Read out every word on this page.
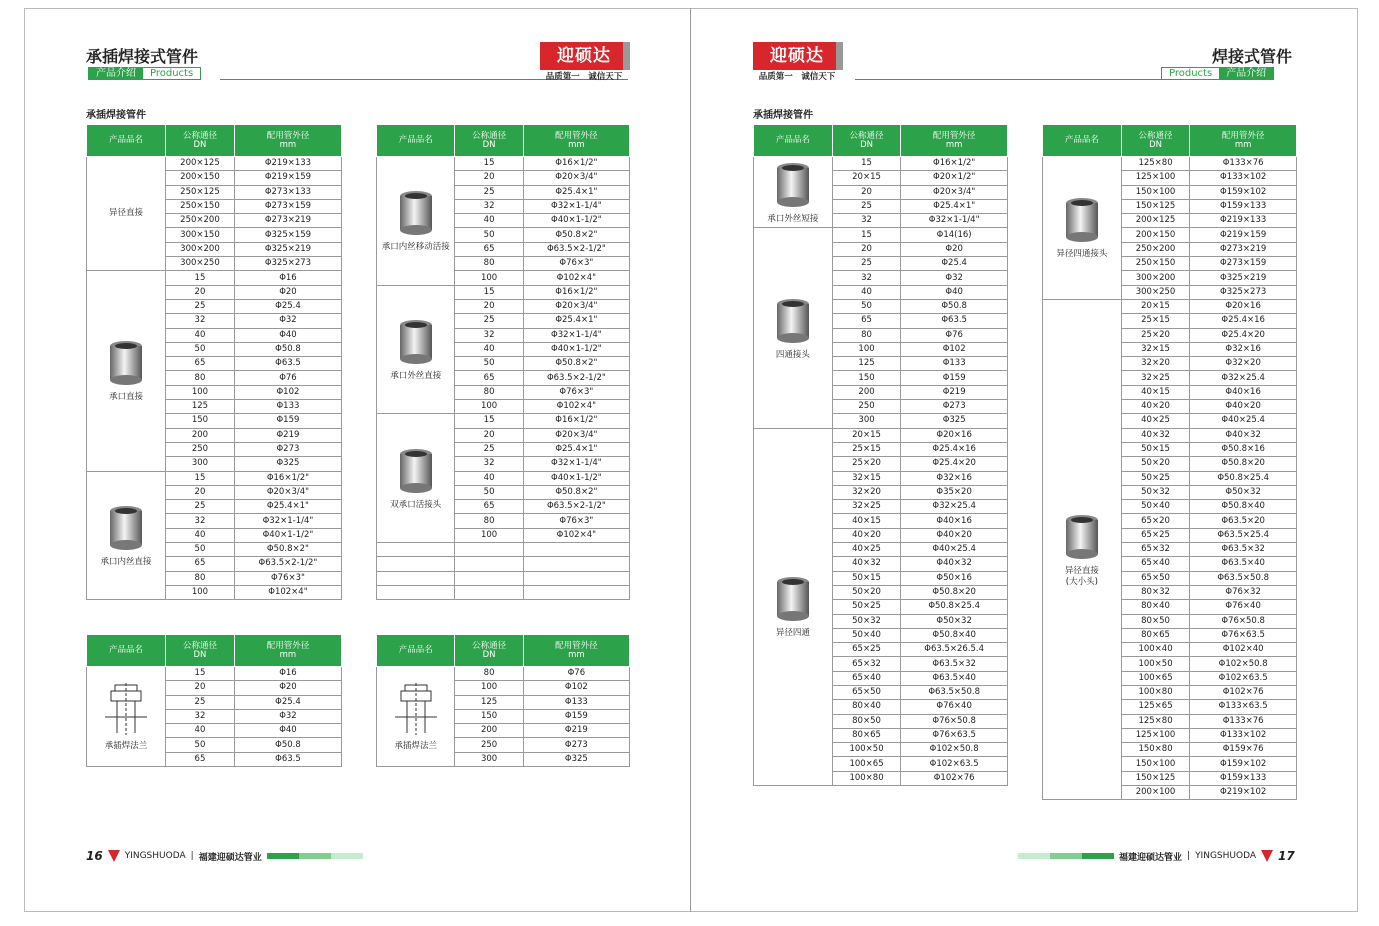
承插焊接式管件
产品介绍	Products
迎硕达
品质第一　诚信天下
承插焊接管件
产品品名	公称通径
DN	配用管外径
mm
异径直接	200×125	Φ219×133
	200×150	Φ219×159
	250×125	Φ273×133
	250×150	Φ273×159
	250×200	Φ273×219
	300×150	Φ325×159
	300×200	Φ325×219
	300×250	Φ325×273

承口直接	15	Φ16
	20	Φ20
	25	Φ25.4
	32	Φ32
	40	Φ40
	50	Φ50.8
	65	Φ63.5
	80	Φ76
	100	Φ102
	125	Φ133
	150	Φ159
	200	Φ219
	250	Φ273
	300	Φ325

承口内丝直接	15	Φ16×1/2"
	20	Φ20×3/4"
	25	Φ25.4×1"
	32	Φ32×1-1/4"
	40	Φ40×1-1/2"
	50	Φ50.8×2"
	65	Φ63.5×2-1/2"
	80	Φ76×3"
	100	Φ102×4"
产品品名	公称通径
DN	配用管外径
mm

承口内丝移动活接	15	Φ16×1/2"
	20	Φ20×3/4"
	25	Φ25.4×1"
	32	Φ32×1-1/4"
	40	Φ40×1-1/2"
	50	Φ50.8×2"
	65	Φ63.5×2-1/2"
	80	Φ76×3"
	100	Φ102×4"

承口外丝直接	15	Φ16×1/2"
	20	Φ20×3/4"
	25	Φ25.4×1"
	32	Φ32×1-1/4"
	40	Φ40×1-1/2"
	50	Φ50.8×2"
	65	Φ63.5×2-1/2"
	80	Φ76×3"
	100	Φ102×4"

双承口活接头	15	Φ16×1/2"
	20	Φ20×3/4"
	25	Φ25.4×1"
	32	Φ32×1-1/4"
	40	Φ40×1-1/2"
	50	Φ50.8×2"
	65	Φ63.5×2-1/2"
	80	Φ76×3"
	100	Φ102×4"

产品品名	公称通径
DN	配用管外径
mm

承插焊法兰	15	Φ16
	20	Φ20
	25	Φ25.4
	32	Φ32
	40	Φ40
	50	Φ50.8
	65	Φ63.5
产品品名	公称通径
DN	配用管外径
mm

承插焊法兰	80	Φ76
	100	Φ102
	125	Φ133
	150	Φ159
	200	Φ219
	250	Φ273
	300	Φ325
16 YINGSHUODA | 福建迎硕达管业
迎硕达
品质第一　诚信天下
焊接式管件
Products	产品介绍
承插焊接管件
产品品名	公称通径
DN	配用管外径
mm

承口外丝短接	15	Φ16×1/2"
	20×15	Φ20×1/2"
	20	Φ20×3/4"
	25	Φ25.4×1"
	32	Φ32×1-1/4"

四通接头	15	Φ14(16)
	20	Φ20
	25	Φ25.4
	32	Φ32
	40	Φ40
	50	Φ50.8
	65	Φ63.5
	80	Φ76
	100	Φ102
	125	Φ133
	150	Φ159
	200	Φ219
	250	Φ273
	300	Φ325

异径四通	20×15	Φ20×16
	25×15	Φ25.4×16
	25×20	Φ25.4×20
	32×15	Φ32×16
	32×20	Φ35×20
	32×25	Φ32×25.4
	40×15	Φ40×16
	40×20	Φ40×20
	40×25	Φ40×25.4
	40×32	Φ40×32
	50×15	Φ50×16
	50×20	Φ50.8×20
	50×25	Φ50.8×25.4
	50×32	Φ50×32
	50×40	Φ50.8×40
	65×25	Φ63.5×26.5.4
	65×32	Φ63.5×32
	65×40	Φ63.5×40
	65×50	Φ63.5×50.8
	80×40	Φ76×40
	80×50	Φ76×50.8
	80×65	Φ76×63.5
	100×50	Φ102×50.8
	100×65	Φ102×63.5
	100×80	Φ102×76
产品品名	公称通径
DN	配用管外径
mm

异径四通接头	125×80	Φ133×76
	125×100	Φ133×102
	150×100	Φ159×102
	150×125	Φ159×133
	200×125	Φ219×133
	200×150	Φ219×159
	250×200	Φ273×219
	250×150	Φ273×159
	300×200	Φ325×219
	300×250	Φ325×273

异径直接
(大小头)	20×15	Φ20×16
	25×15	Φ25.4×16
	25×20	Φ25.4×20
	32×15	Φ32×16
	32×20	Φ32×20
	32×25	Φ32×25.4
	40×15	Φ40×16
	40×20	Φ40×20
	40×25	Φ40×25.4
	40×32	Φ40×32
	50×15	Φ50.8×16
	50×20	Φ50.8×20
	50×25	Φ50.8×25.4
	50×32	Φ50×32
	50×40	Φ50.8×40
	65×20	Φ63.5×20
	65×25	Φ63.5×25.4
	65×32	Φ63.5×32
	65×40	Φ63.5×40
	65×50	Φ63.5×50.8
	80×32	Φ76×32
	80×40	Φ76×40
	80×50	Φ76×50.8
	80×65	Φ76×63.5
	100×40	Φ102×40
	100×50	Φ102×50.8
	100×65	Φ102×63.5
	100×80	Φ102×76
	125×65	Φ133×63.5
	125×80	Φ133×76
	125×100	Φ133×102
	150×80	Φ159×76
	150×100	Φ159×102
	150×125	Φ159×133
	200×100	Φ219×102
福建迎硕达管业 | YINGSHUODA 17
